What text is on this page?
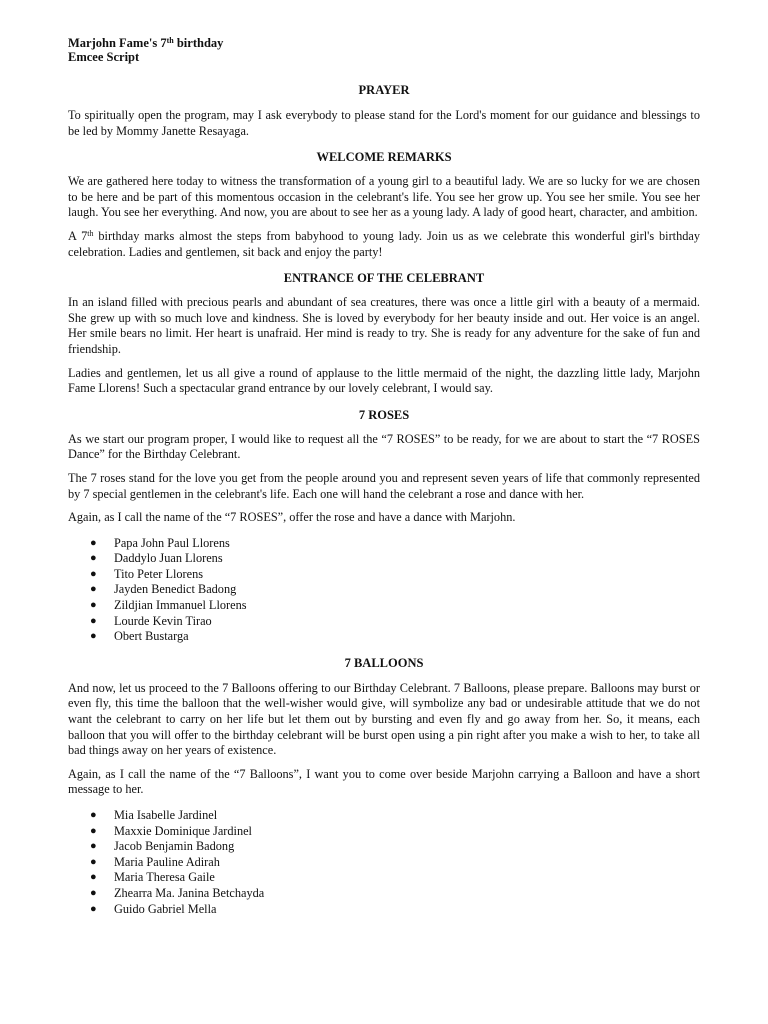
Marjohn Fame's 7th birthday
Emcee Script
PRAYER

To spiritually open the program, may I ask everybody to please stand for the Lord's moment for our guidance and blessings to be led by Mommy Janette Resayaga.

WELCOME REMARKS

We are gathered here today to witness the transformation of a young girl to a beautiful lady. We are so lucky for we are chosen to be here and be part of this momentous occasion in the celebrant's life. You see her grow up. You see her smile. You see her laugh. You see her everything. And now, you are about to see her as a young lady. A lady of good heart, character, and ambition.

A 7th birthday marks almost the steps from babyhood to young lady. Join us as we celebrate this wonderful girl's birthday celebration. Ladies and gentlemen, sit back and enjoy the party!

ENTRANCE OF THE CELEBRANT

In an island filled with precious pearls and abundant of sea creatures, there was once a little girl with a beauty of a mermaid. She grew up with so much love and kindness. She is loved by everybody for her beauty inside and out. Her voice is an angel. Her smile bears no limit. Her heart is unafraid. Her mind is ready to try. She is ready for any adventure for the sake of fun and friendship.

Ladies and gentlemen, let us all give a round of applause to the little mermaid of the night, the dazzling little lady, Marjohn Fame Llorens! Such a spectacular grand entrance by our lovely celebrant, I would say.

7 ROSES

As we start our program proper, I would like to request all the “7 ROSES” to be ready, for we are about to start the “7 ROSES Dance” for the Birthday Celebrant.

The 7 roses stand for the love you get from the people around you and represent seven years of life that commonly represented by 7 special gentlemen in the celebrant's life. Each one will hand the celebrant a rose and dance with her.

Again, as I call the name of the “7 ROSES”, offer the rose and have a dance with Marjohn.

● Papa John Paul Llorens
● Daddylo Juan Llorens
● Tito Peter Llorens
● Jayden Benedict Badong
● Zildjian Immanuel Llorens
● Lourde Kevin Tirao
● Obert Bustarga
7 BALLOONS

And now, let us proceed to the 7 Balloons offering to our Birthday Celebrant. 7 Balloons, please prepare. Balloons may burst or even fly, this time the balloon that the well-wisher would give, will symbolize any bad or undesirable attitude that we do not want the celebrant to carry on her life but let them out by bursting and even fly and go away from her. So, it means, each balloon that you will offer to the birthday celebrant will be burst open using a pin right after you make a wish to her, to take all bad things away on her years of existence.

Again, as I call the name of the “7 Balloons”, I want you to come over beside Marjohn carrying a Balloon and have a short message to her.

● Mia Isabelle Jardinel
● Maxxie Dominique Jardinel
● Jacob Benjamin Badong
● Maria Pauline Adirah
● Maria Theresa Gaile
● Zhearra Ma. Janina Betchayda
● Guido Gabriel Mella
